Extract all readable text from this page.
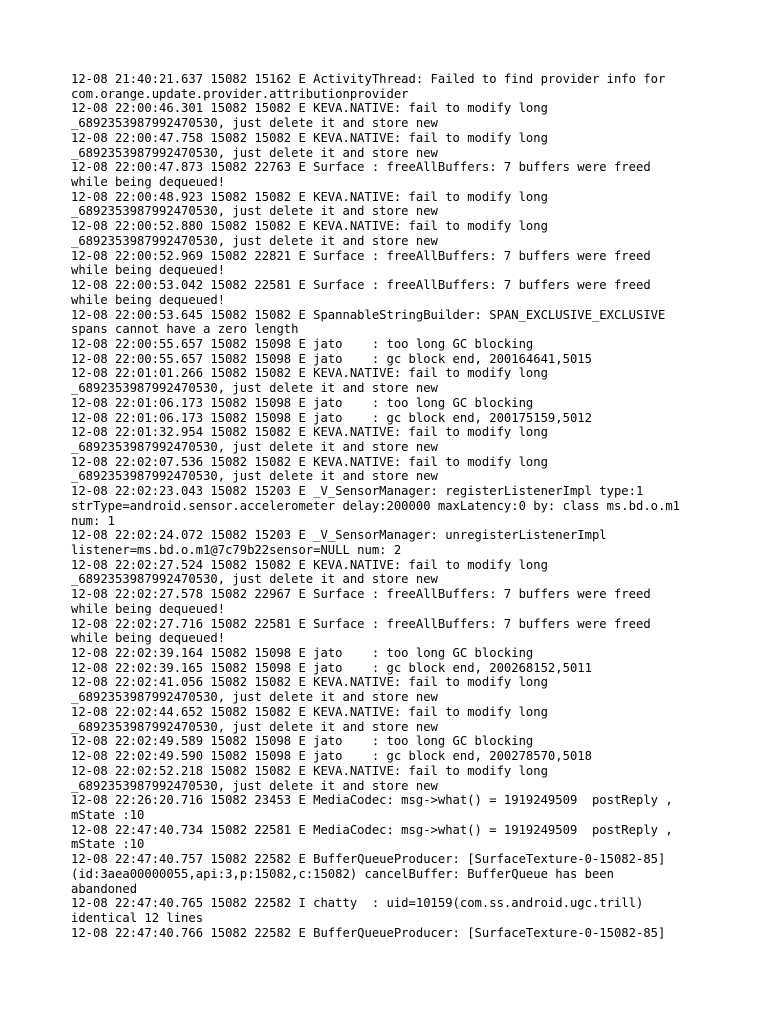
12-08 21:40:21.637 15082 15162 E ActivityThread: Failed to find provider info for
com.orange.update.provider.attributionprovider
12-08 22:00:46.301 15082 15082 E KEVA.NATIVE: fail to modify long
_6892353987992470530, just delete it and store new
12-08 22:00:47.758 15082 15082 E KEVA.NATIVE: fail to modify long
_6892353987992470530, just delete it and store new
12-08 22:00:47.873 15082 22763 E Surface : freeAllBuffers: 7 buffers were freed
while being dequeued!
12-08 22:00:48.923 15082 15082 E KEVA.NATIVE: fail to modify long
_6892353987992470530, just delete it and store new
12-08 22:00:52.880 15082 15082 E KEVA.NATIVE: fail to modify long
_6892353987992470530, just delete it and store new
12-08 22:00:52.969 15082 22821 E Surface : freeAllBuffers: 7 buffers were freed
while being dequeued!
12-08 22:00:53.042 15082 22581 E Surface : freeAllBuffers: 7 buffers were freed
while being dequeued!
12-08 22:00:53.645 15082 15082 E SpannableStringBuilder: SPAN_EXCLUSIVE_EXCLUSIVE
spans cannot have a zero length
12-08 22:00:55.657 15082 15098 E jato    : too long GC blocking
12-08 22:00:55.657 15082 15098 E jato    : gc block end, 200164641,5015
12-08 22:01:01.266 15082 15082 E KEVA.NATIVE: fail to modify long
_6892353987992470530, just delete it and store new
12-08 22:01:06.173 15082 15098 E jato    : too long GC blocking
12-08 22:01:06.173 15082 15098 E jato    : gc block end, 200175159,5012
12-08 22:01:32.954 15082 15082 E KEVA.NATIVE: fail to modify long
_6892353987992470530, just delete it and store new
12-08 22:02:07.536 15082 15082 E KEVA.NATIVE: fail to modify long
_6892353987992470530, just delete it and store new
12-08 22:02:23.043 15082 15203 E _V_SensorManager: registerListenerImpl type:1
strType=android.sensor.accelerometer delay:200000 maxLatency:0 by: class ms.bd.o.m1
num: 1
12-08 22:02:24.072 15082 15203 E _V_SensorManager: unregisterListenerImpl
listener=ms.bd.o.m1@7c79b22sensor=NULL num: 2
12-08 22:02:27.524 15082 15082 E KEVA.NATIVE: fail to modify long
_6892353987992470530, just delete it and store new
12-08 22:02:27.578 15082 22967 E Surface : freeAllBuffers: 7 buffers were freed
while being dequeued!
12-08 22:02:27.716 15082 22581 E Surface : freeAllBuffers: 7 buffers were freed
while being dequeued!
12-08 22:02:39.164 15082 15098 E jato    : too long GC blocking
12-08 22:02:39.165 15082 15098 E jato    : gc block end, 200268152,5011
12-08 22:02:41.056 15082 15082 E KEVA.NATIVE: fail to modify long
_6892353987992470530, just delete it and store new
12-08 22:02:44.652 15082 15082 E KEVA.NATIVE: fail to modify long
_6892353987992470530, just delete it and store new
12-08 22:02:49.589 15082 15098 E jato    : too long GC blocking
12-08 22:02:49.590 15082 15098 E jato    : gc block end, 200278570,5018
12-08 22:02:52.218 15082 15082 E KEVA.NATIVE: fail to modify long
_6892353987992470530, just delete it and store new
12-08 22:26:20.716 15082 23453 E MediaCodec: msg->what() = 1919249509  postReply ,
mState :10
12-08 22:47:40.734 15082 22581 E MediaCodec: msg->what() = 1919249509  postReply ,
mState :10
12-08 22:47:40.757 15082 22582 E BufferQueueProducer: [SurfaceTexture-0-15082-85]
(id:3aea00000055,api:3,p:15082,c:15082) cancelBuffer: BufferQueue has been
abandoned
12-08 22:47:40.765 15082 22582 I chatty  : uid=10159(com.ss.android.ugc.trill)
identical 12 lines
12-08 22:47:40.766 15082 22582 E BufferQueueProducer: [SurfaceTexture-0-15082-85]
